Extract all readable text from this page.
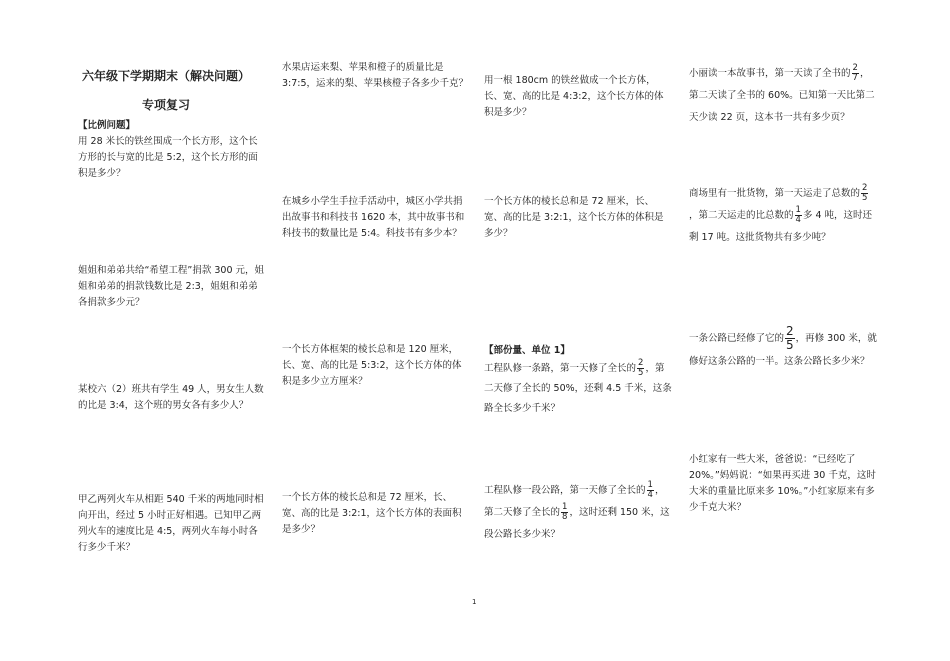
六年级下学期期末（解决问题）
专项复习
【比例问题】
用 28 米长的铁丝围成一个长方形，这个长方形的长与宽的比是 5:2，这个长方形的面积是多少？
姐姐和弟弟共给“希望工程”捐款 300 元，姐姐和弟弟的捐款钱数比是 2:3，姐姐和弟弟各捐款多少元？
某校六（2）班共有学生 49 人，男女生人数的比是 3:4，这个班的男女各有多少人？
甲乙两列火车从相距 540 千米的两地同时相向开出，经过 5 小时正好相遇。已知甲乙两列火车的速度比是 4:5，两列火车每小时各行多少千米？
水果店运来梨、苹果和橙子的质量比是 3:7:5，运来的梨、苹果核橙子各多少千克？
在城乡小学生手拉手活动中，城区小学共捐出故事书和科技书 1620 本，其中故事书和科技书的数量比是 5:4。科技书有多少本？
一个长方体框架的棱长总和是 120 厘米，长、宽、高的比是 5:3:2，这个长方体的体积是多少立方厘米？
一个长方体的棱长总和是 72 厘米，长、宽、高的比是 3:2:1，这个长方体的表面积是多少？
用一根 180cm 的铁丝做成一个长方体，长、宽、高的比是 4:3:2，这个长方体的体积是多少？
一个长方体的棱长总和是 72 厘米，长、宽、高的比是 3:2:1，这个长方体的体积是多少？
【部份量、单位 1】
工程队修一条路，第一天修了全长的 $\frac{2}{5}$ ，第二天修了全长的 50%，还剩 4.5 千米，这条路全长多少千米？
工程队修一段公路，第一天修了全长的 $\frac{1}{4}$ ，第二天修了全长的 $\frac{1}{8}$ ，这时还剩 150 米，这段公路长多少米？
小丽读一本故事书，第一天读了全书的 $\frac{2}{7}$ ，第二天读了全书的 60%。已知第一天比第二天少读 22 页，这本书一共有多少页？
商场里有一批货物，第一天运走了总数的 $\frac{2}{5}$
，第二天运走的比总数的 $\frac{1}{4}$ 多 4 吨，这时还剩 17 吨。这批货物共有多少吨？
一条公路已经修了它的 $\frac{2}{5}$ ，再修 300 米，就修好这条公路的一半。这条公路长多少米？
小红家有一些大米，爸爸说：“已经吃了 20%。”妈妈说：“如果再买进 30 千克，这时大米的重量比原来多 10%。”小红家原来有多少千克大米？
1
